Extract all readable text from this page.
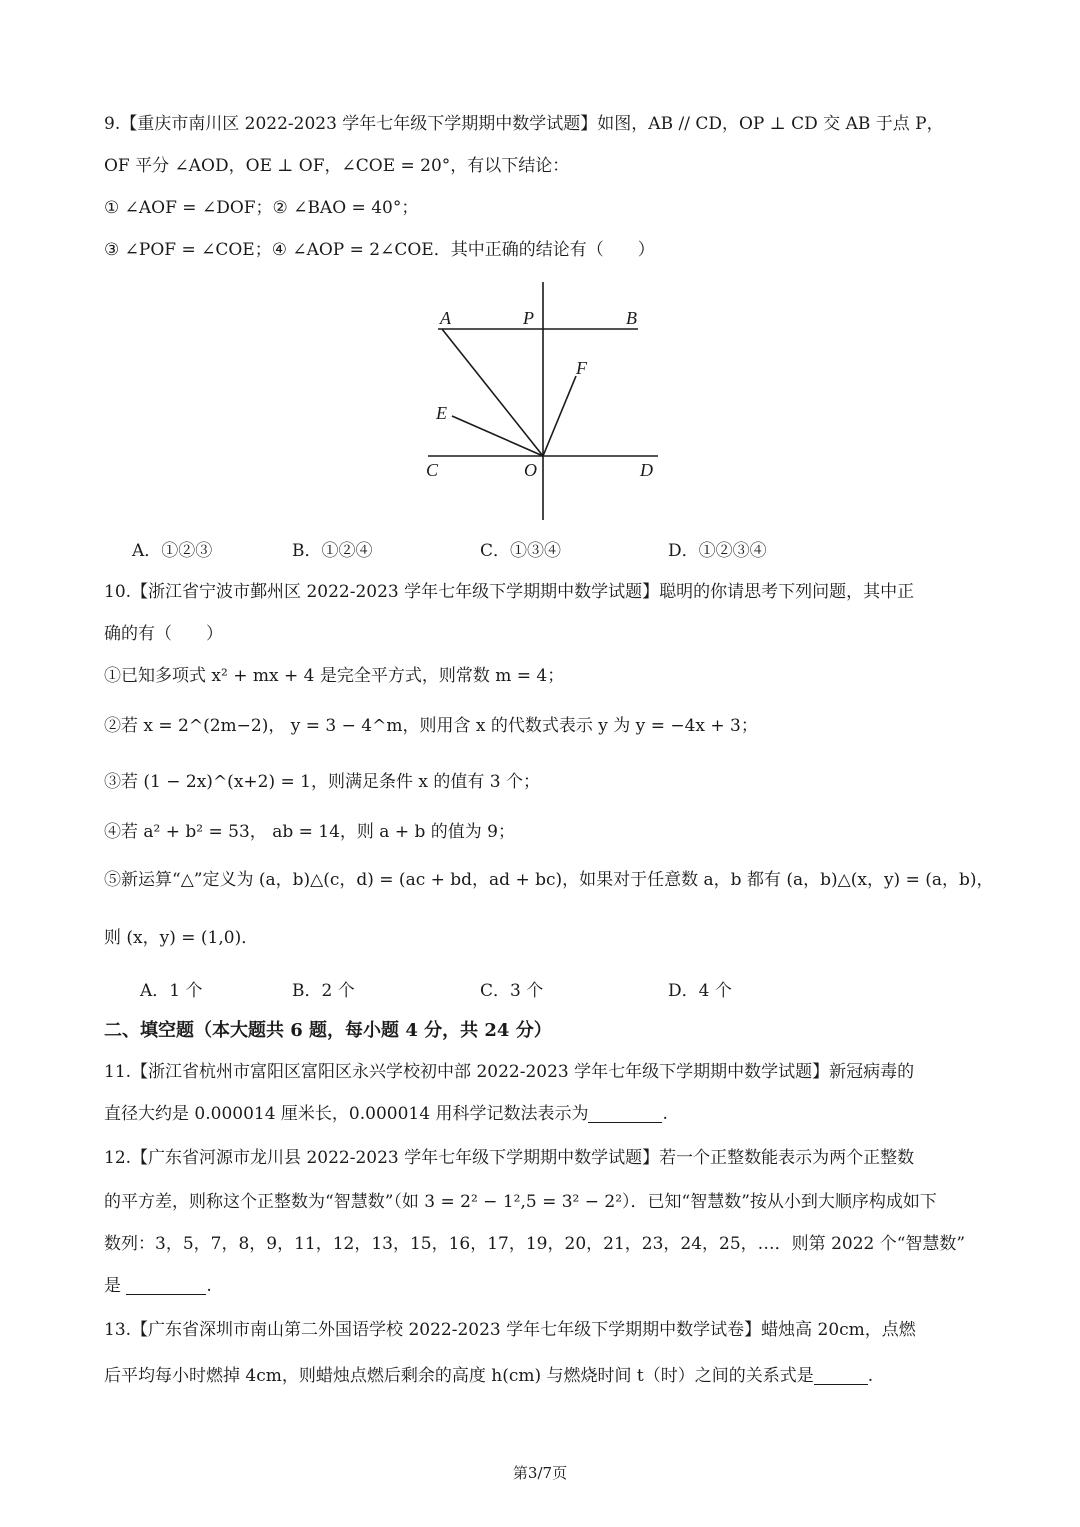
9.【重庆市南川区 2022-2023 学年七年级下学期期中数学试题】如图，AB // CD，OP ⊥ CD 交 AB 于点 P，
OF 平分 ∠AOD，OE ⊥ OF，∠COE = 20°，有以下结论：
① ∠AOF = ∠DOF；② ∠BAO = 40°；
③ ∠POF = ∠COE；④ ∠AOP = 2∠COE．其中正确的结论有（　　）
A	P	B
F
E
C	O	D
A．①②③	B．①②④	C．①③④	D．①②③④
10.【浙江省宁波市鄞州区 2022-2023 学年七年级下学期期中数学试题】聪明的你请思考下列问题，其中正
确的有（　　）
①已知多项式 x² + mx + 4 是完全平方式，则常数 m = 4；
②若 x = 2^(2m−2)， y = 3 − 4^m，则用含 x 的代数式表示 y 为 y = −4x + 3；
③若 (1 − 2x)^(x+2) = 1，则满足条件 x 的值有 3 个；
④若 a² + b² = 53， ab = 14，则 a + b 的值为 9；
⑤新运算“△”定义为 (a，b)△(c，d) = (ac + bd，ad + bc)，如果对于任意数 a，b 都有 (a，b)△(x，y) = (a，b)，
则 (x，y) = (1,0)．
A．1 个	B．2 个	C．3 个	D．4 个
二、填空题（本大题共 6 题，每小题 4 分，共 24 分）
11.【浙江省杭州市富阳区富阳区永兴学校初中部 2022-2023 学年七年级下学期期中数学试题】新冠病毒的
直径大约是 0.000014 厘米长，0.000014 用科学记数法表示为	.
12.【广东省河源市龙川县 2022-2023 学年七年级下学期期中数学试题】若一个正整数能表示为两个正整数
的平方差，则称这个正整数为“智慧数”（如 3 = 2² − 1²,5 = 3² − 2²）．已知“智慧数”按从小到大顺序构成如下
数列：3，5，7，8，9，11，12，13，15，16，17，19，20，21，23，24，25，…．则第 2022 个“智慧数”
是	.
13.【广东省深圳市南山第二外国语学校 2022-2023 学年七年级下学期期中数学试卷】蜡烛高 20cm，点燃
后平均每小时燃掉 4cm，则蜡烛点燃后剩余的高度 h(cm) 与燃烧时间 t（时）之间的关系式是	.
第3/7页
